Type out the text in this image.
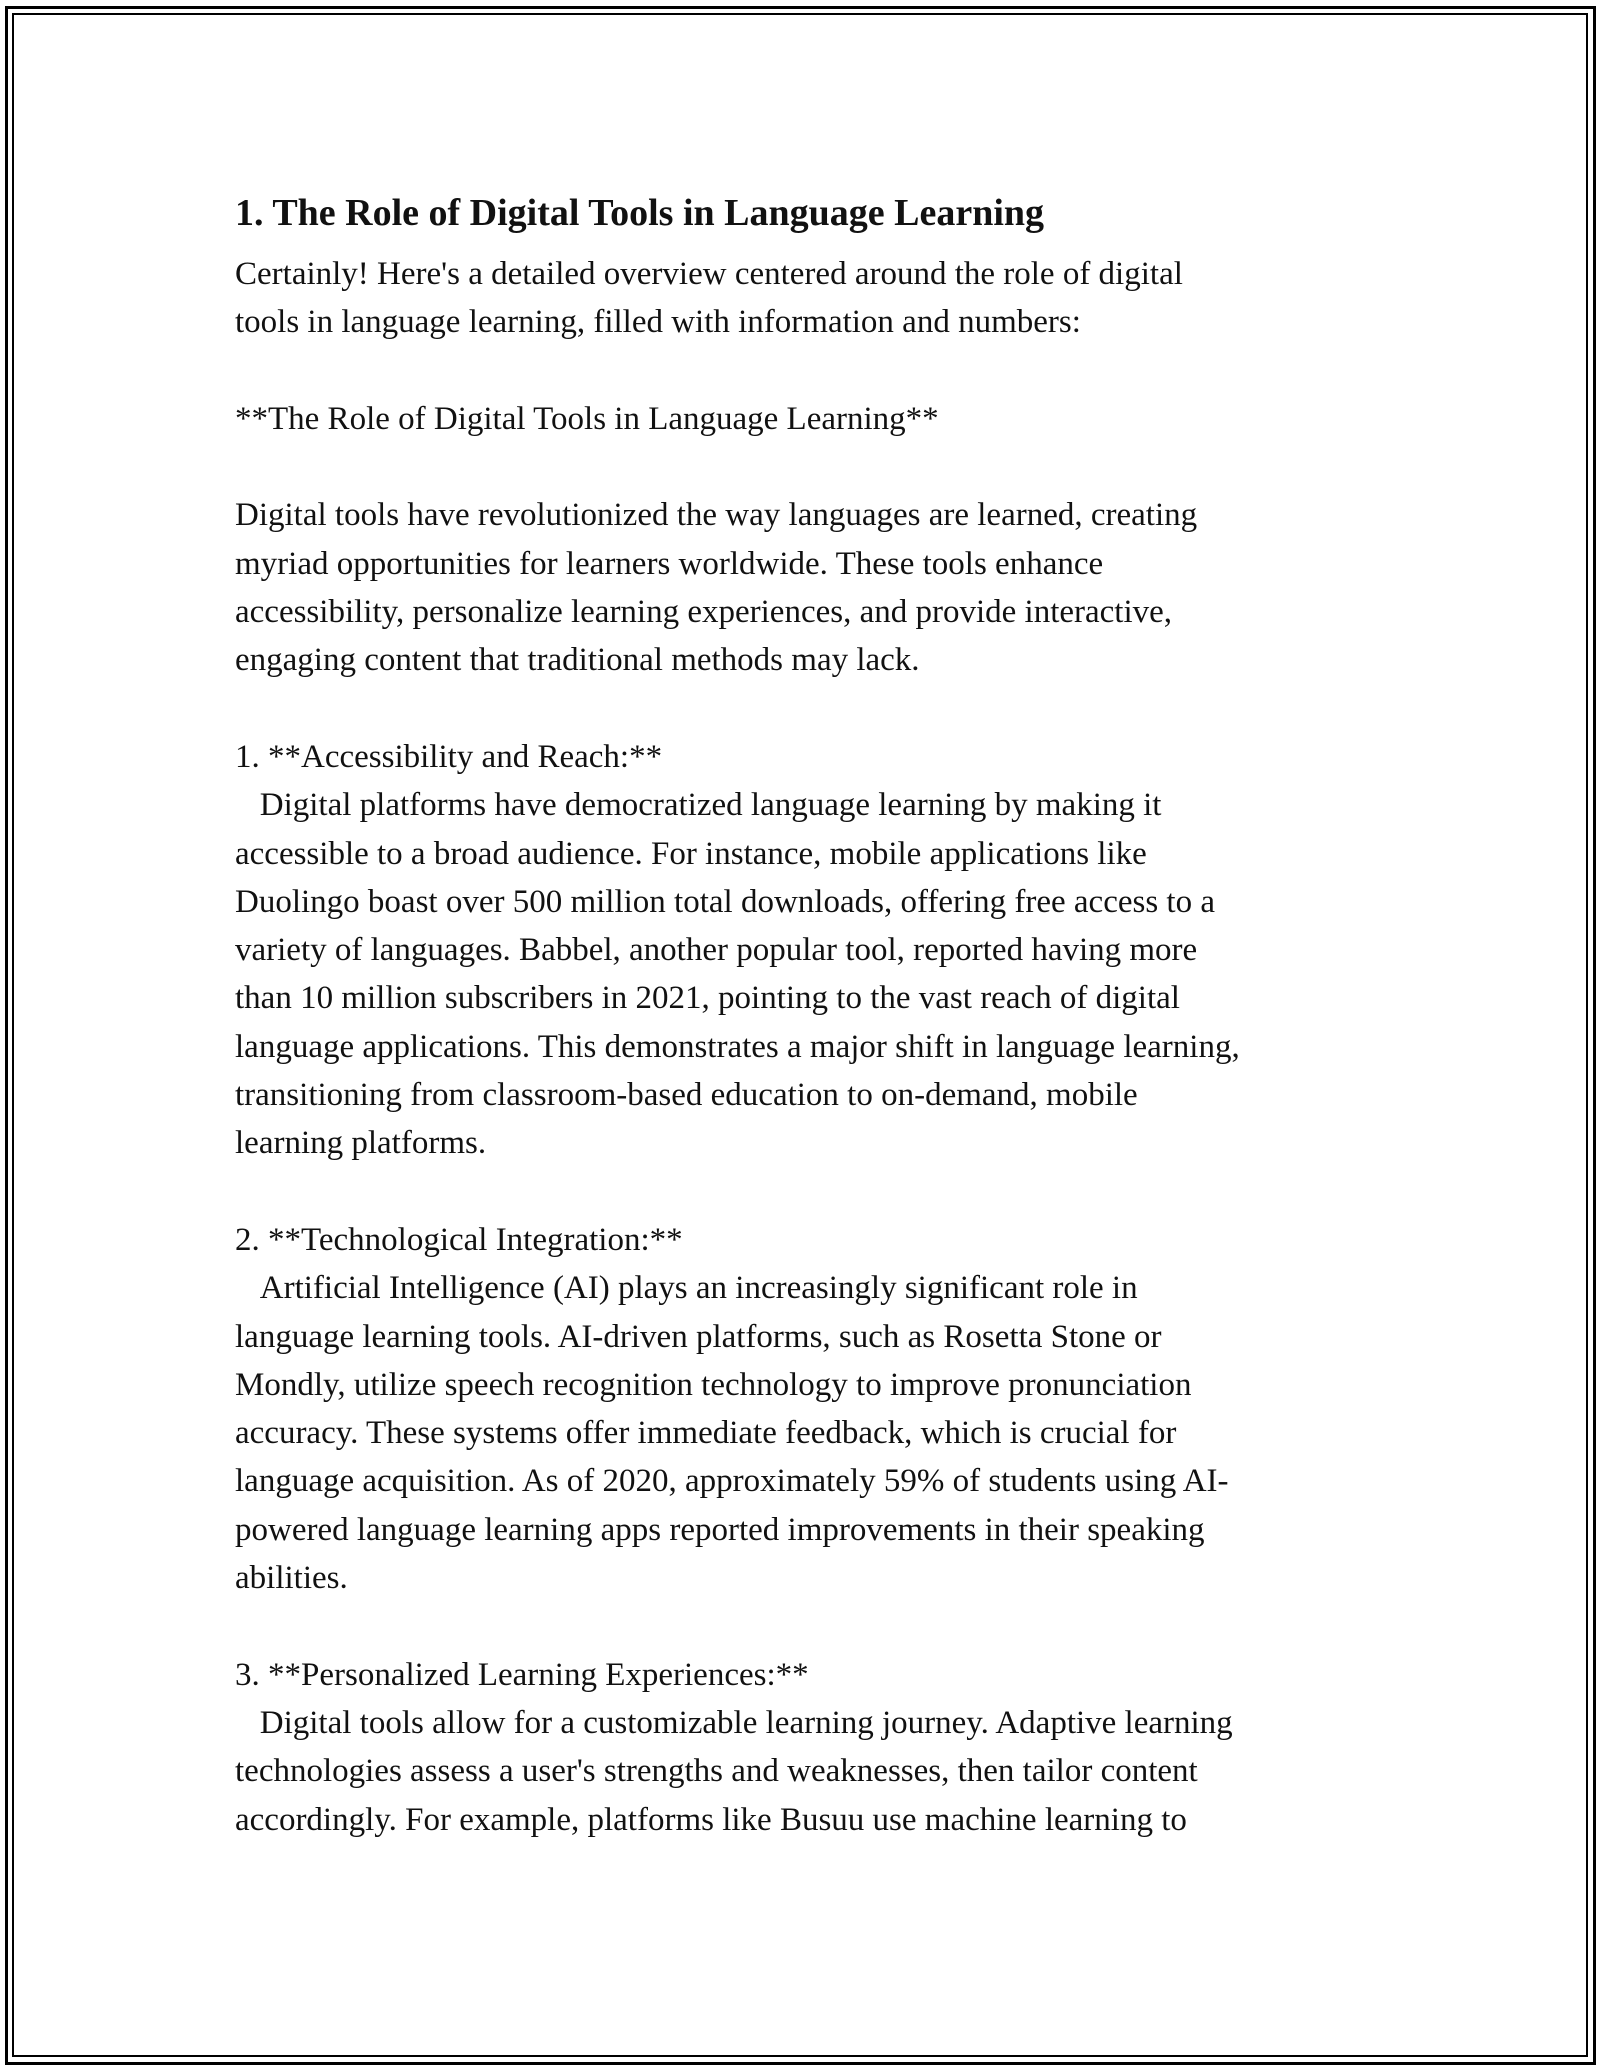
1. The Role of Digital Tools in Language Learning
Certainly! Here's a detailed overview centered around the role of digital
tools in language learning, filled with information and numbers:

**The Role of Digital Tools in Language Learning**

Digital tools have revolutionized the way languages are learned, creating
myriad opportunities for learners worldwide. These tools enhance
accessibility, personalize learning experiences, and provide interactive,
engaging content that traditional methods may lack.

1. **Accessibility and Reach:**
Digital platforms have democratized language learning by making it
accessible to a broad audience. For instance, mobile applications like
Duolingo boast over 500 million total downloads, offering free access to a
variety of languages. Babbel, another popular tool, reported having more
than 10 million subscribers in 2021, pointing to the vast reach of digital
language applications. This demonstrates a major shift in language learning,
transitioning from classroom-based education to on-demand, mobile
learning platforms.

2. **Technological Integration:**
Artificial Intelligence (AI) plays an increasingly significant role in
language learning tools. AI-driven platforms, such as Rosetta Stone or
Mondly, utilize speech recognition technology to improve pronunciation
accuracy. These systems offer immediate feedback, which is crucial for
language acquisition. As of 2020, approximately 59% of students using AI-
powered language learning apps reported improvements in their speaking
abilities.

3. **Personalized Learning Experiences:**
Digital tools allow for a customizable learning journey. Adaptive learning
technologies assess a user's strengths and weaknesses, then tailor content
accordingly. For example, platforms like Busuu use machine learning to
